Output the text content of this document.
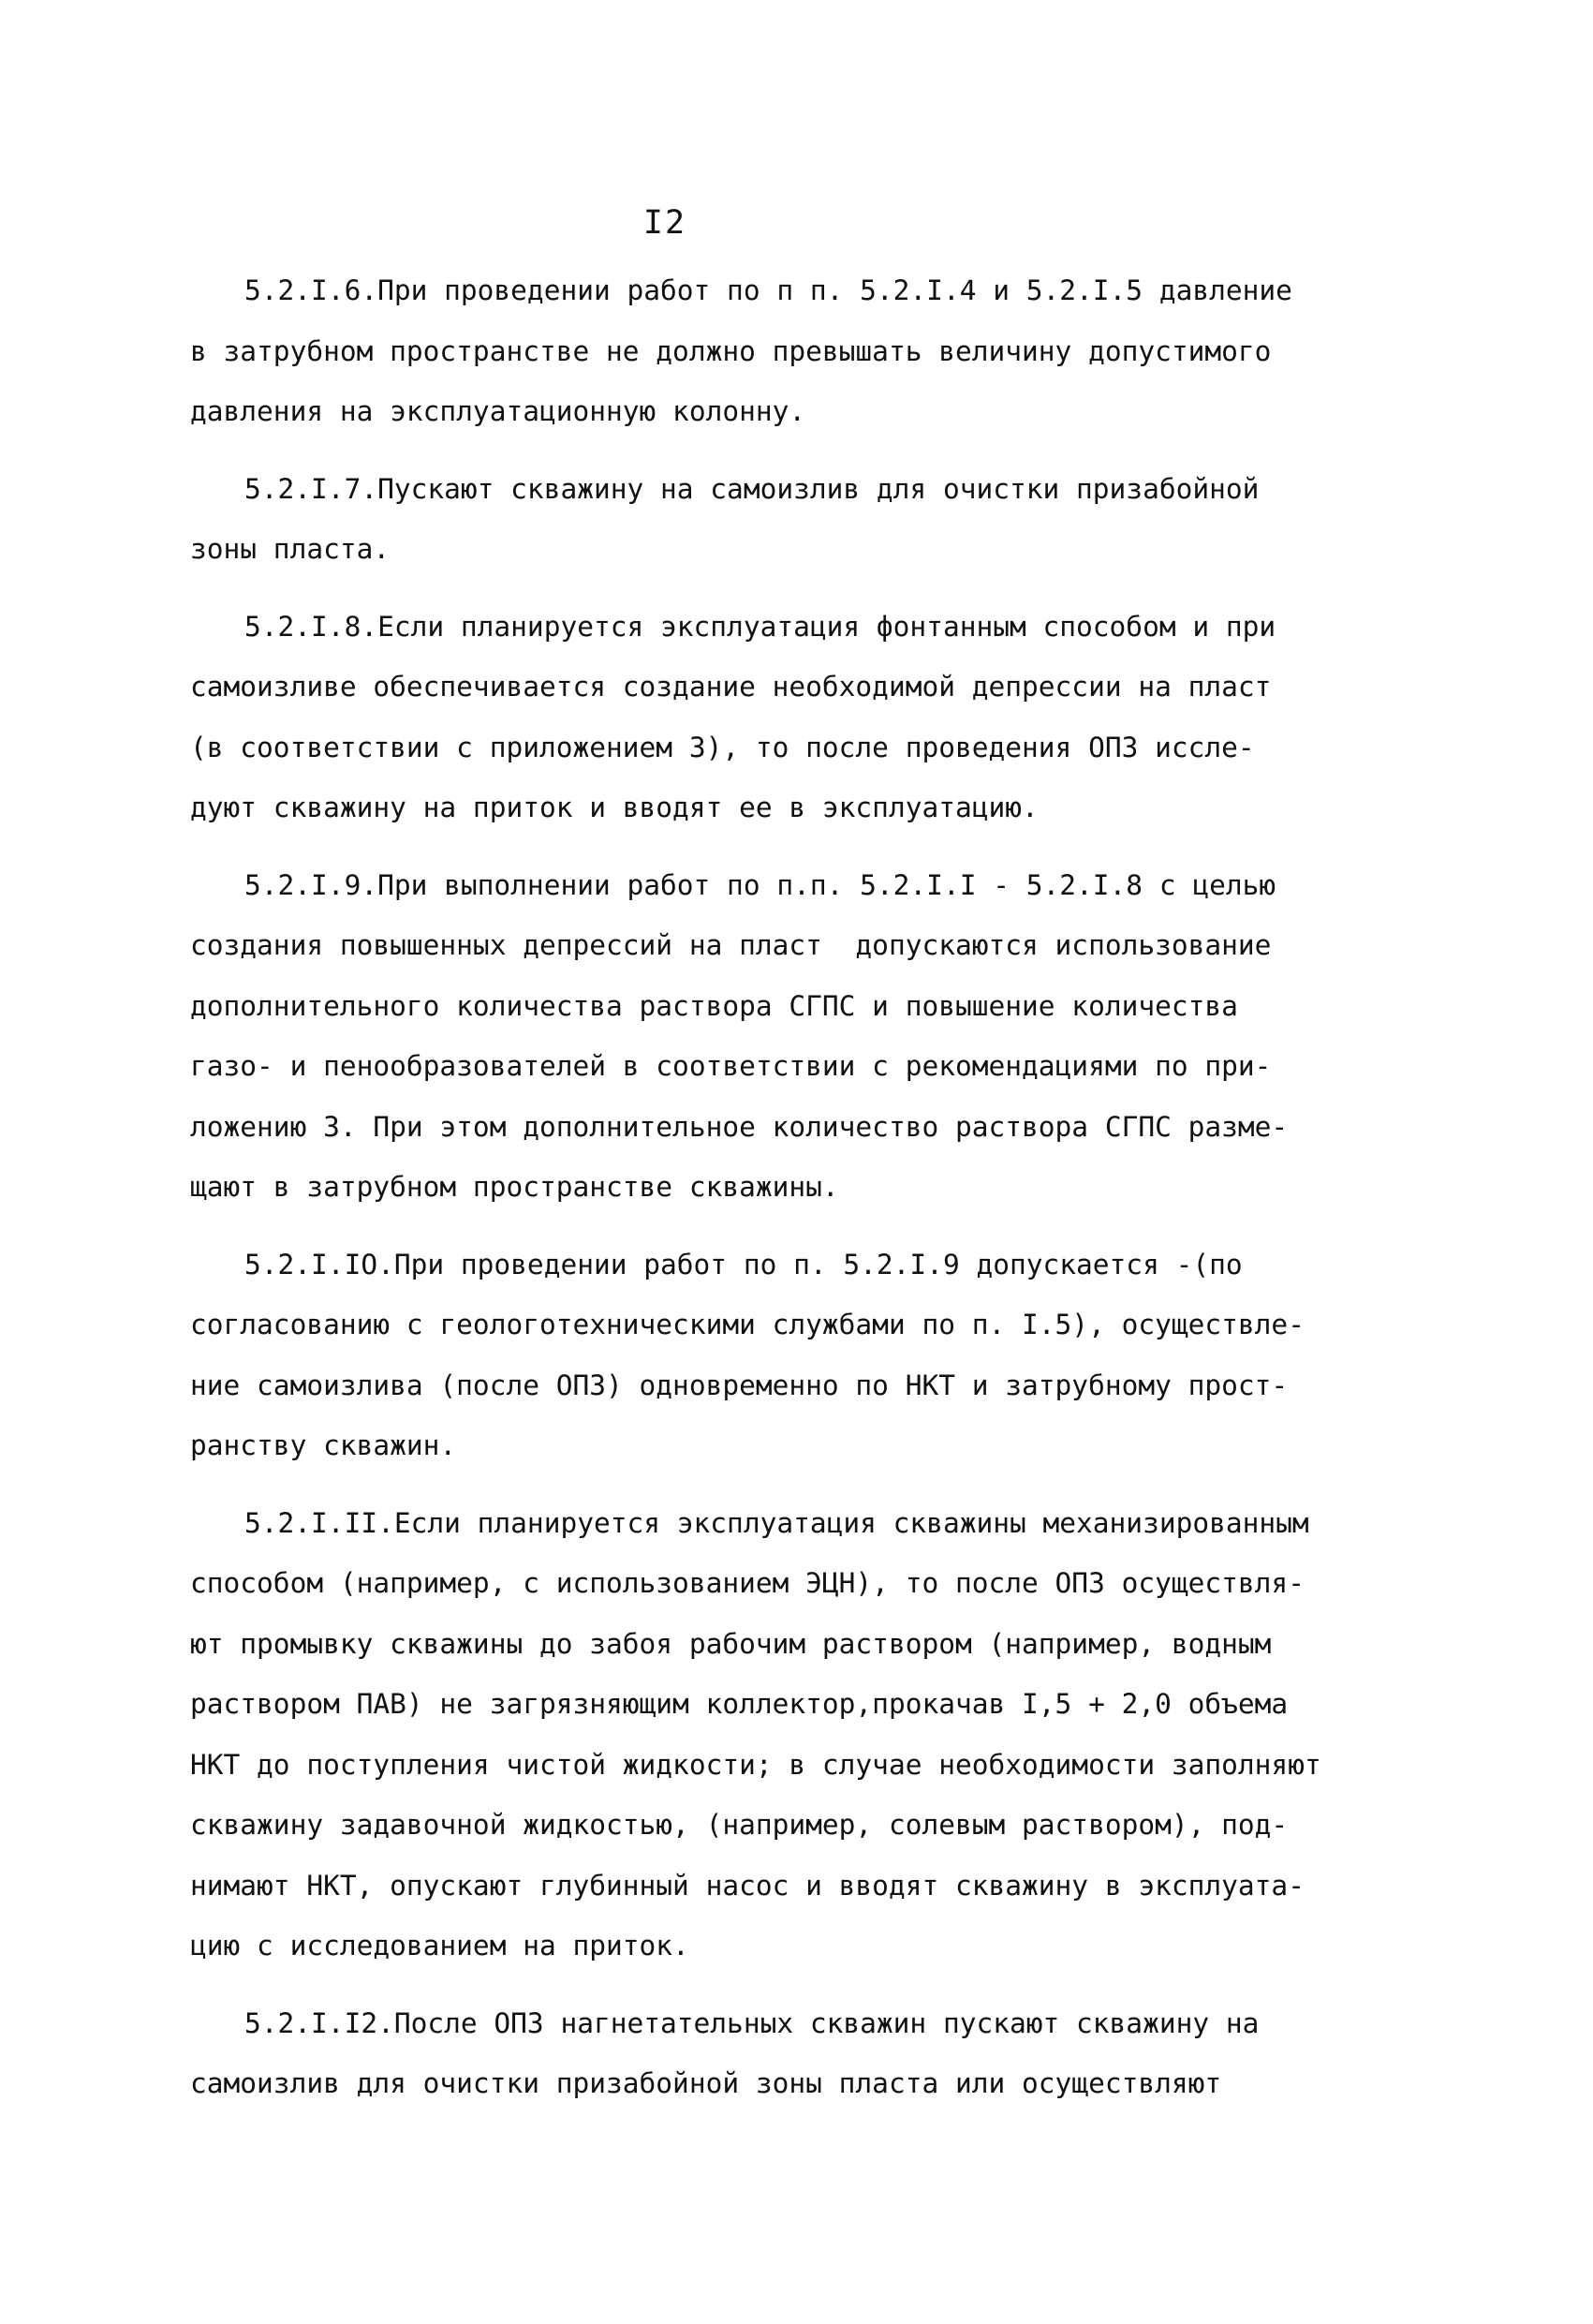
I2
5.2.I.6.При проведении работ по п п. 5.2.I.4 и 5.2.I.5 давление
в затрубном пространстве не должно превышать величину допустимого
давления на эксплуатационную колонну.
5.2.I.7.Пускают скважину на самоизлив для очистки призабойной
зоны пласта.
5.2.I.8.Если планируется эксплуатация фонтанным способом и при
самоизливе обеспечивается создание необходимой депрессии на пласт
(в соответствии с приложением 3), то после проведения ОПЗ иссле-
дуют скважину на приток и вводят ее в эксплуатацию.
5.2.I.9.При выполнении работ по п.п. 5.2.I.I - 5.2.I.8 с целью
создания повышенных депрессий на пласт  допускаются использование
дополнительного количества раствора СГПС и повышение количества
газо- и пенообразователей в соответствии с рекомендациями по при-
ложению 3. При этом дополнительное количество раствора СГПС разме-
щают в затрубном пространстве скважины.
5.2.I.IO.При проведении работ по п. 5.2.I.9 допускается -(по
согласованию с геологотехническими службами по п. I.5), осуществле-
ние самоизлива (после ОПЗ) одновременно по НКТ и затрубному прост-
ранству скважин.
5.2.I.II.Если планируется эксплуатация скважины механизированным
способом (например, с использованием ЭЦН), то после ОПЗ осуществля-
ют промывку скважины до забоя рабочим раствором (например, водным
раствором ПАВ) не загрязняющим коллектор,прокачав I,5 + 2,0 объема
НКТ до поступления чистой жидкости; в случае необходимости заполняют
скважину задавочной жидкостью, (например, солевым раствором), под-
нимают НКТ, опускают глубинный насос и вводят скважину в эксплуата-
цию с исследованием на приток.
5.2.I.I2.После ОПЗ нагнетательных скважин пускают скважину на
самоизлив для очистки призабойной зоны пласта или осуществляют
